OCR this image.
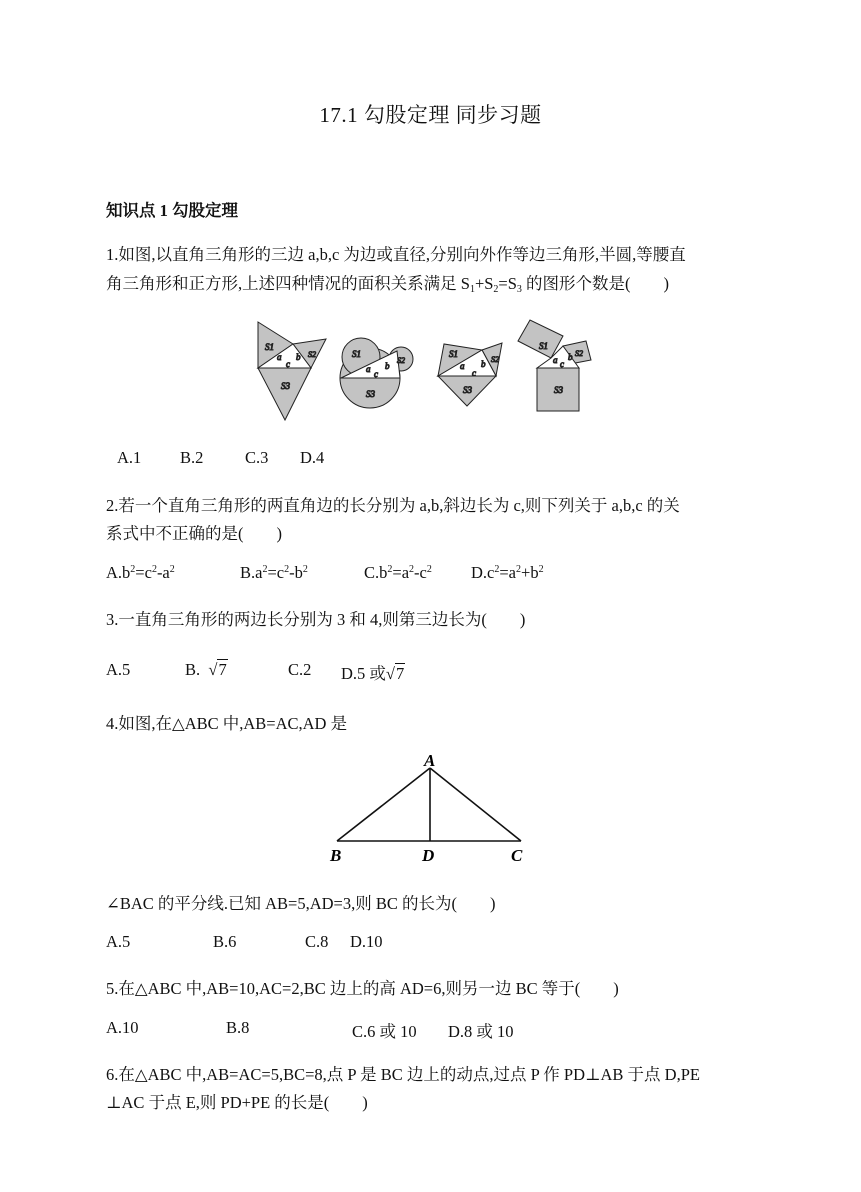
17.1 勾股定理 同步习题
知识点 1 勾股定理
1.如图,以直角三角形的三边 a,b,c 为边或直径,分别向外作等边三角形,半圆,等腰直
角三角形和正方形,上述四种情况的面积关系满足 $S_1+S_2=S_3$ 的图形个数是(　　)
S1
S2
S3
a b
c
S1
S2
S3
a b
c
S1
S2
S3
a b
c
S1
S2
S3
a b
c
A.1 B.2	C.3 D.4
2.若一个直角三角形的两直角边的长分别为 a,b,斜边长为 c,则下列关于 a,b,c 的关
系式中不正确的是(　　)
$A.b^2=c^2-a^2$	$B.a^2=c^2-b^2$	$C.b^2=a^2-c^2$ $D.c^2=a^2+b^2$
3.一直角三角形的两边长分别为 3 和 4,则第三边长为(　　)
A.5	B. √7	C.2 D.5 或√7
4.如图,在△ABC 中,AB=AC,AD 是
A
B	D	C
∠BAC 的平分线.已知 AB=5,AD=3,则 BC 的长为(　　)
A.5	B.6	C.8 D.10
5.在△ABC 中,AB=10,AC=2,BC 边上的高 AD=6,则另一边 BC 等于(　　)
A.10	B.8	C.6 或 10 D.8 或 10
6.在△ABC 中,AB=AC=5,BC=8,点 P 是 BC 边上的动点,过点 P 作 PD⊥AB 于点 D,PE
⊥AC 于点 E,则 PD+PE 的长是(　　)
